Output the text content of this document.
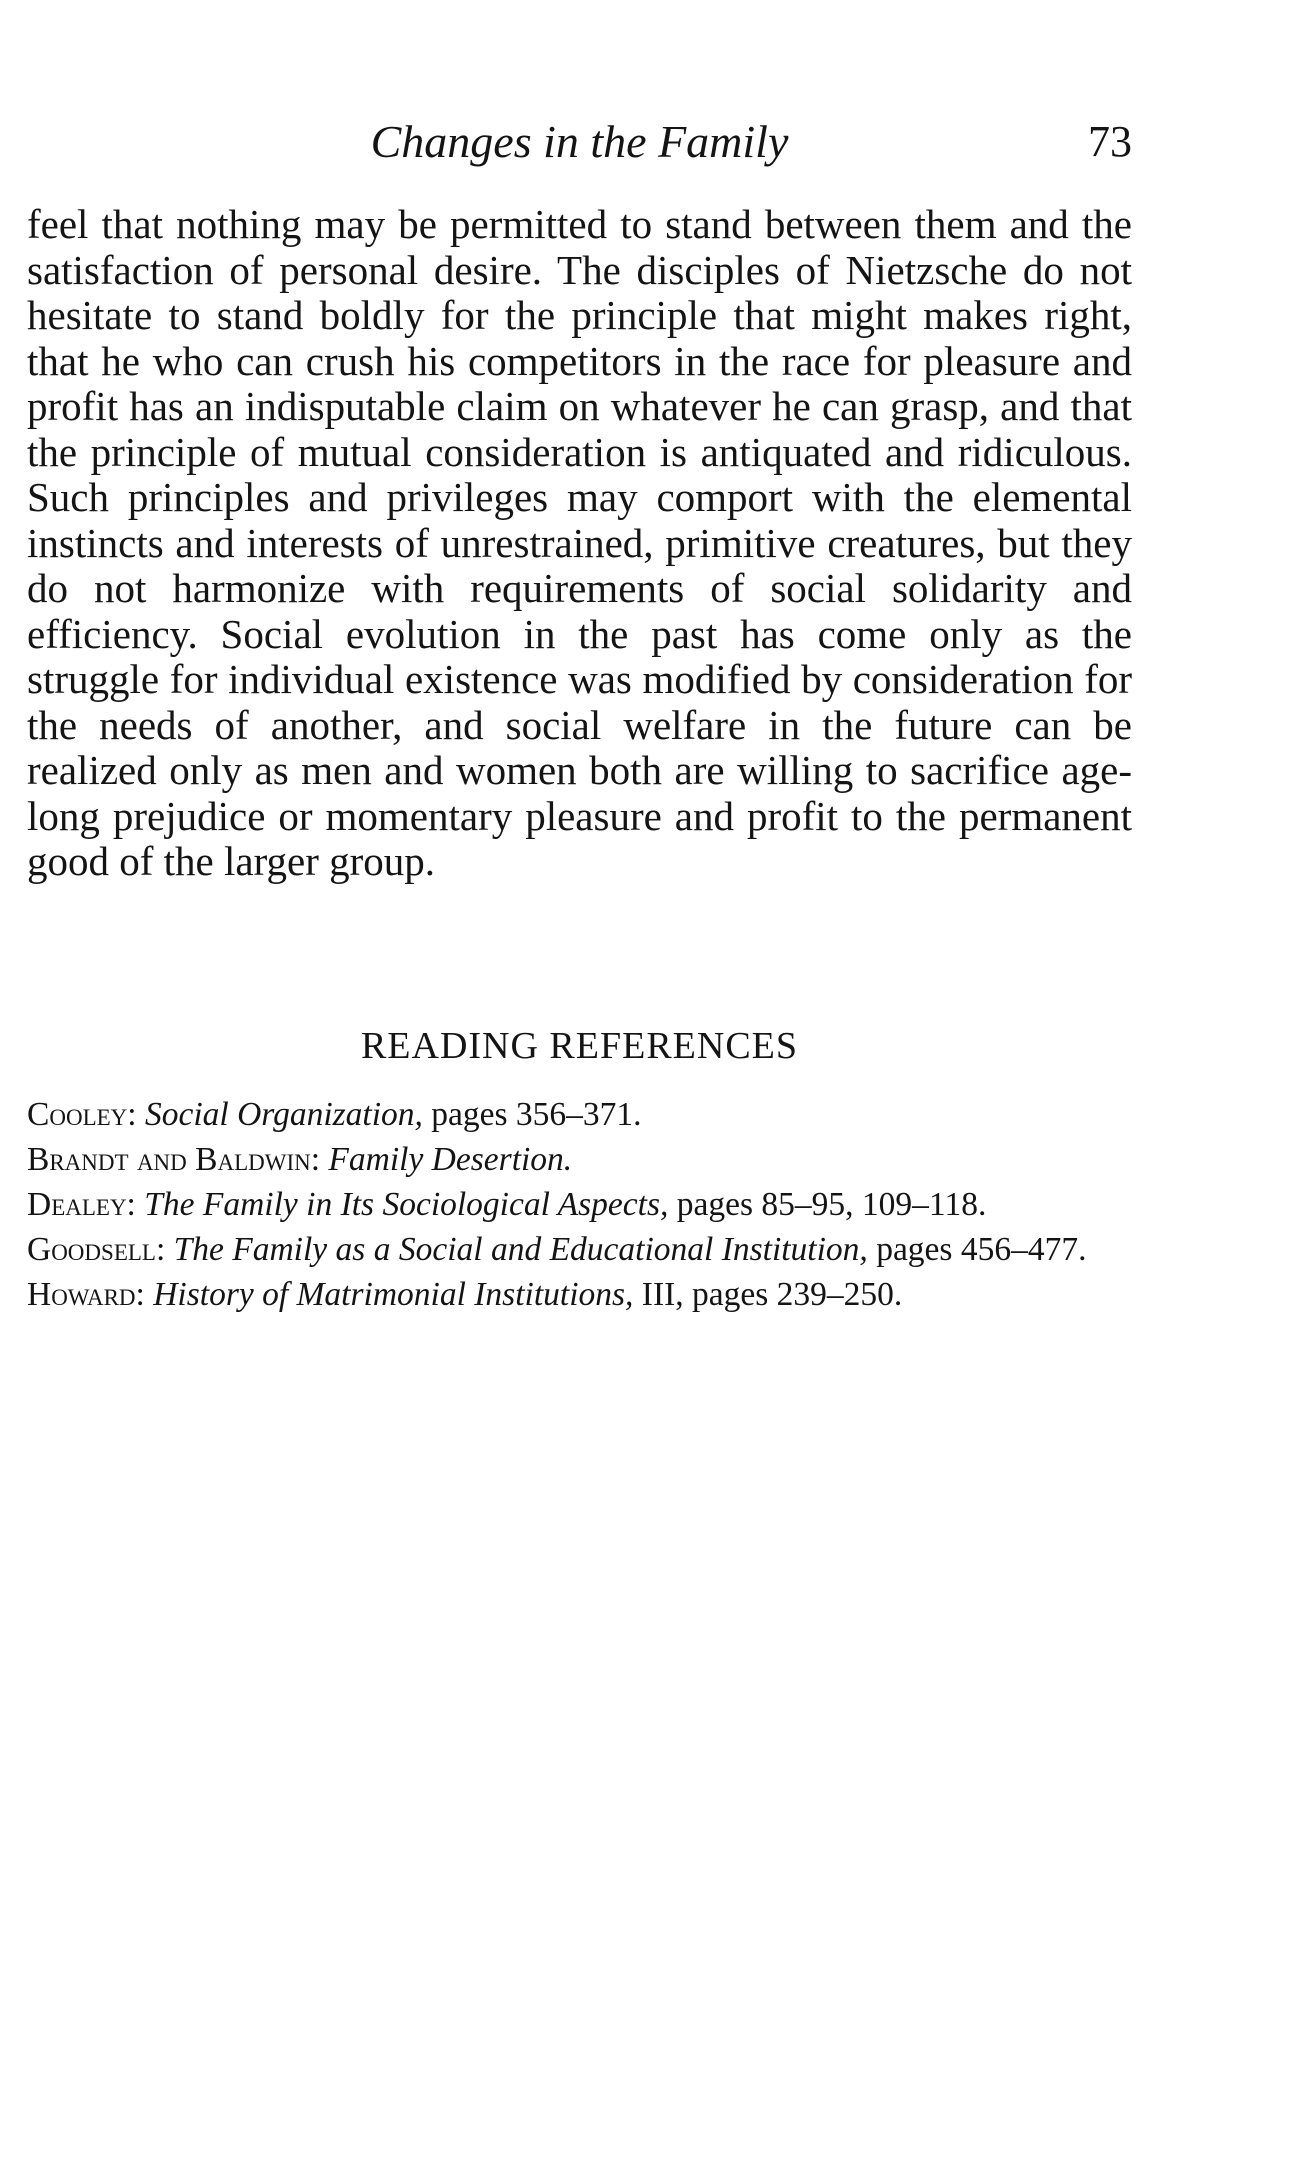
Changes in the Family	73

feel that nothing may be permitted to stand between them and the satisfaction of personal desire. The disciples of Nietzsche do not hesitate to stand boldly for the principle that might makes right, that he who can crush his competitors in the race for pleasure and profit has an indisputable claim on whatever he can grasp, and that the principle of mutual consideration is antiquated and ridiculous. Such principles and privileges may comport with the elemental instincts and interests of unrestrained, primitive creatures, but they do not harmonize with requirements of social solidarity and efficiency. Social evolution in the past has come only as the struggle for individual existence was modified by consideration for the needs of another, and social welfare in the future can be realized only as men and women both are willing to sacrifice age-long prejudice or momentary pleasure and profit to the permanent good of the larger group.

READING REFERENCES
Cooley: Social Organization, pages 356–371.
Brandt and Baldwin: Family Desertion.
Dealey: The Family in Its Sociological Aspects, pages 85–95, 109–118.
Goodsell: The Family as a Social and Educational Institution, pages 456–477.
Howard: History of Matrimonial Institutions, III, pages 239–250.
